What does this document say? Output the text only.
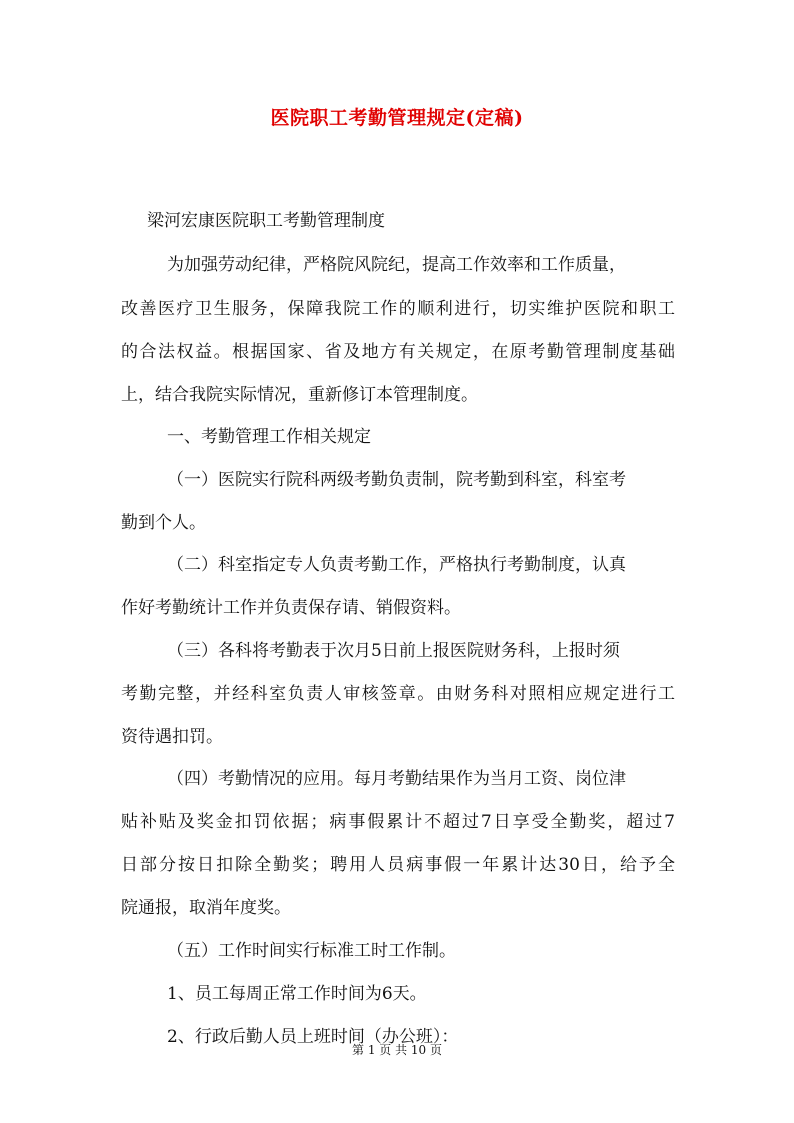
医院职工考勤管理规定(定稿)
梁河宏康医院职工考勤管理制度
为加强劳动纪律，严格院风院纪，提高工作效率和工作质量，
改善医疗卫生服务，保障我院工作的顺利进行，切实维护医院和职工
的合法权益。根据国家、省及地方有关规定，在原考勤管理制度基础
上，结合我院实际情况，重新修订本管理制度。
一、考勤管理工作相关规定
（一）医院实行院科两级考勤负责制，院考勤到科室，科室考
勤到个人。
（二）科室指定专人负责考勤工作，严格执行考勤制度，认真
作好考勤统计工作并负责保存请、销假资料。
（三）各科将考勤表于次月5日前上报医院财务科，上报时须
考勤完整，并经科室负责人审核签章。由财务科对照相应规定进行工
资待遇扣罚。
（四）考勤情况的应用。每月考勤结果作为当月工资、岗位津
贴补贴及奖金扣罚依据；病事假累计不超过7日享受全勤奖，超过7
日部分按日扣除全勤奖；聘用人员病事假一年累计达30日，给予全
院通报，取消年度奖。
（五）工作时间实行标准工时工作制。
1、员工每周正常工作时间为6天。
2、行政后勤人员上班时间（办公班）：
第 1 页 共 10 页
